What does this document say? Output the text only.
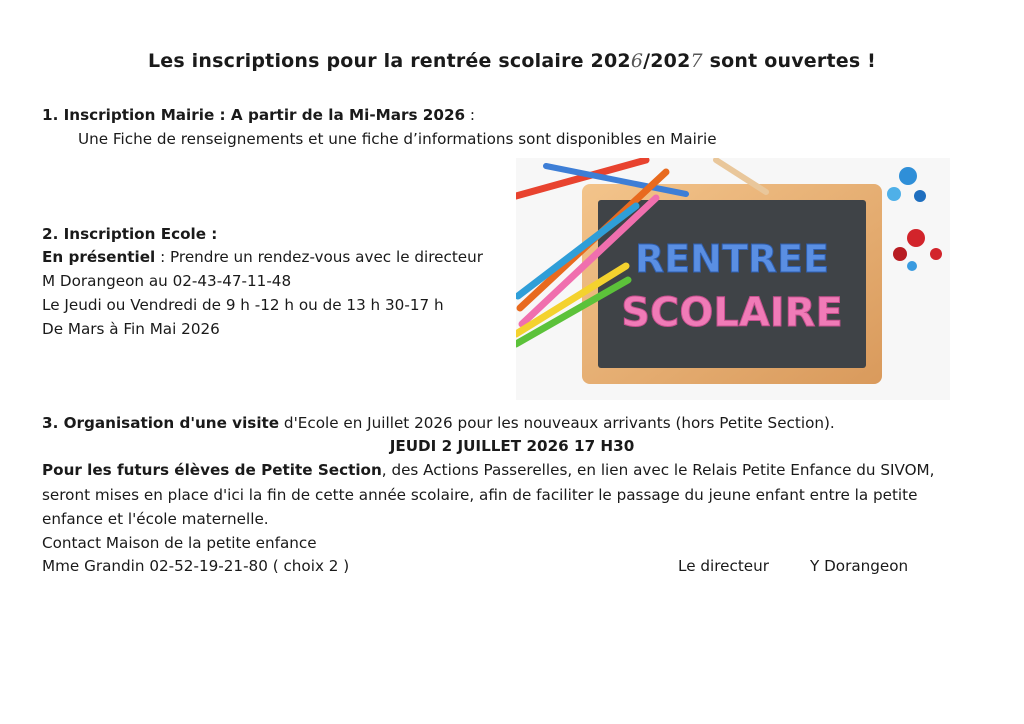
Les inscriptions pour la rentrée scolaire 2026/2027 sont ouvertes !
1. Inscription Mairie : A partir de la Mi-Mars 2026 :
Une Fiche de renseignements et une fiche d’informations sont disponibles en Mairie
2. Inscription Ecole :
En présentiel : Prendre un rendez-vous avec le directeur
M Dorangeon au 02-43-47-11-48
Le Jeudi ou Vendredi de 9 h -12 h ou de 13 h 30-17 h
De Mars à Fin Mai 2026
RENTREE
SCOLAIRE
3. Organisation d'une visite d'Ecole en Juillet 2026 pour les nouveaux arrivants (hors Petite Section).
JEUDI 2 JUILLET 2026 17 H30
Pour les futurs élèves de Petite Section, des Actions Passerelles, en lien avec le Relais Petite Enfance du SIVOM,
seront mises en place d'ici la fin de cette année scolaire, afin de faciliter le passage du jeune enfant entre la petite
enfance et l'école maternelle.
Contact Maison de la petite enfance
Mme Grandin 02-52-19-21-80 ( choix 2 )	Le directeur	Y Dorangeon
